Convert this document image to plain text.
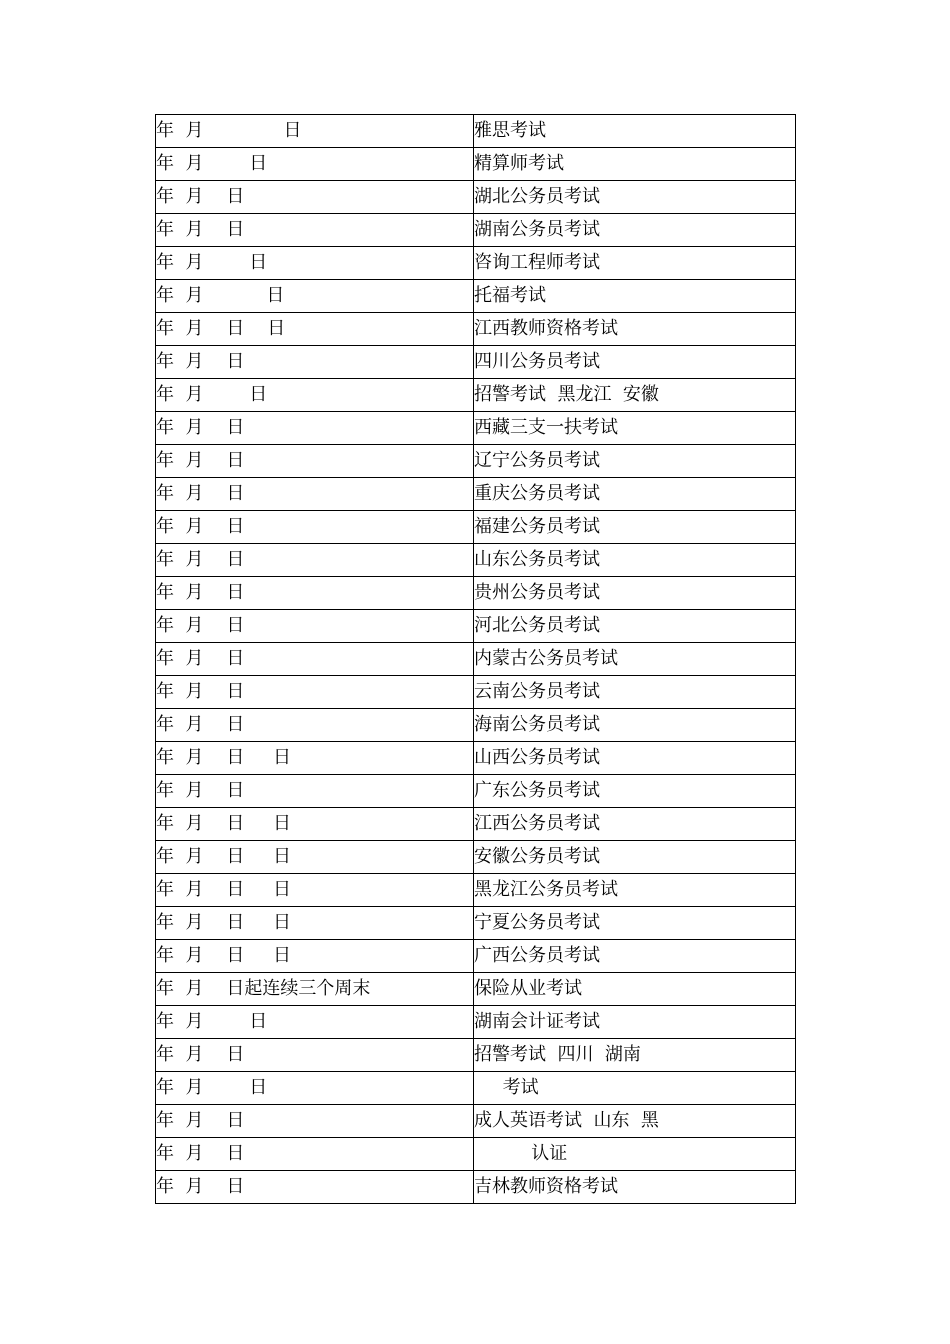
年  月              日	雅思考试
年  月        日	精算师考试
年  月    日	湖北公务员考试
年  月    日	湖南公务员考试
年  月        日	咨询工程师考试
年  月           日	托福考试
年  月    日    日	江西教师资格考试
年  月    日	四川公务员考试
年  月        日	招警考试  黑龙江  安徽
年  月    日	西藏三支一扶考试
年  月    日	辽宁公务员考试
年  月    日	重庆公务员考试
年  月    日	福建公务员考试
年  月    日	山东公务员考试
年  月    日	贵州公务员考试
年  月    日	河北公务员考试
年  月    日	内蒙古公务员考试
年  月    日	云南公务员考试
年  月    日	海南公务员考试
年  月    日     日	山西公务员考试
年  月    日	广东公务员考试
年  月    日     日	江西公务员考试
年  月    日     日	安徽公务员考试
年  月    日     日	黑龙江公务员考试
年  月    日     日	宁夏公务员考试
年  月    日     日	广西公务员考试
年  月    日起连续三个周末	保险从业考试
年  月        日	湖南会计证考试
年  月    日	招警考试  四川  湖南
年  月        日	考试
年  月    日	成人英语考试  山东  黑
年  月    日	认证
年  月    日	吉林教师资格考试
